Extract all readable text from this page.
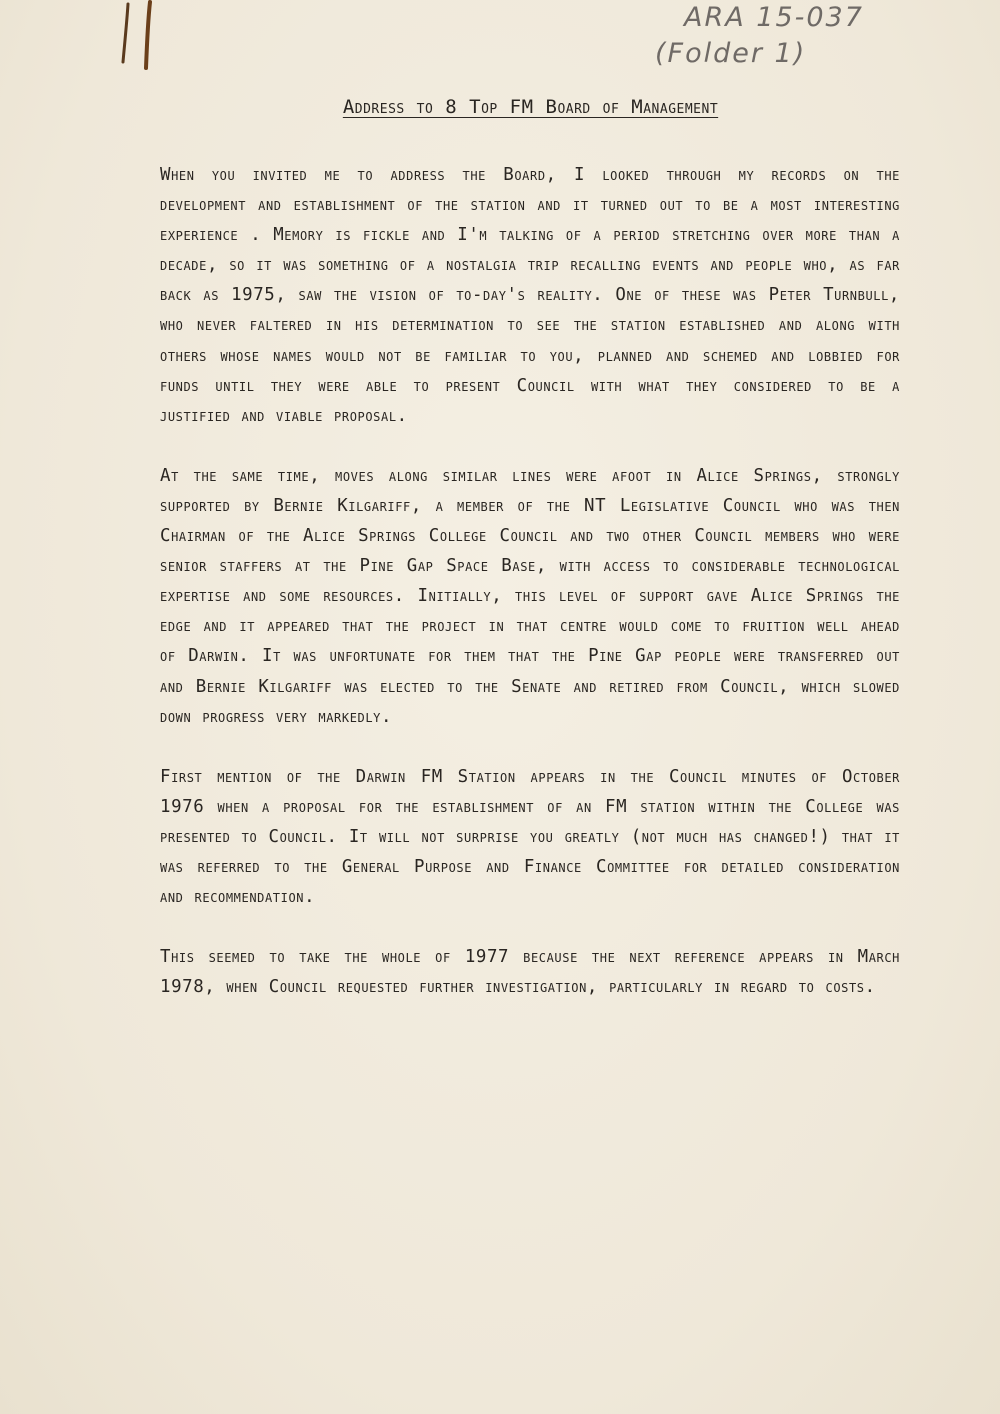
ARA 15-037
(Folder 1)
Address to 8 Top FM Board of Management

When you invited me to address the Board, I looked through my records on the development and establishment of the station and it turned out to be a most interesting experience . Memory is fickle and I'm talking of a period stretching over more than a decade, so it was something of a nostalgia trip recalling events and people who, as far back as 1975, saw the vision of to-day's reality. One of these was Peter Turnbull, who never faltered in his determination to see the station established and along with others whose names would not be familiar to you, planned and schemed and lobbied for funds until they were able to present Council with what they considered to be a justified and viable proposal.

At the same time, moves along similar lines were afoot in Alice Springs, strongly supported by Bernie Kilgariff, a member of the NT Legislative Council who was then Chairman of the Alice Springs College Council and two other Council members who were senior staffers at the Pine Gap Space Base, with access to considerable technological expertise and some resources. Initially, this level of support gave Alice Springs the edge and it appeared that the project in that centre would come to fruition well ahead of Darwin. It was unfortunate for them that the Pine Gap people were transferred out and Bernie Kilgariff was elected to the Senate and retired from Council, which slowed down progress very markedly.

First mention of the Darwin FM Station appears in the Council minutes of October 1976 when a proposal for the establishment of an FM station within the College was presented to Council. It will not surprise you greatly (not much has changed!) that it was referred to the General Purpose and Finance Committee for detailed consideration and recommendation.

This seemed to take the whole of 1977 because the next reference appears in March 1978, when Council requested further investigation, particularly in regard to costs.
